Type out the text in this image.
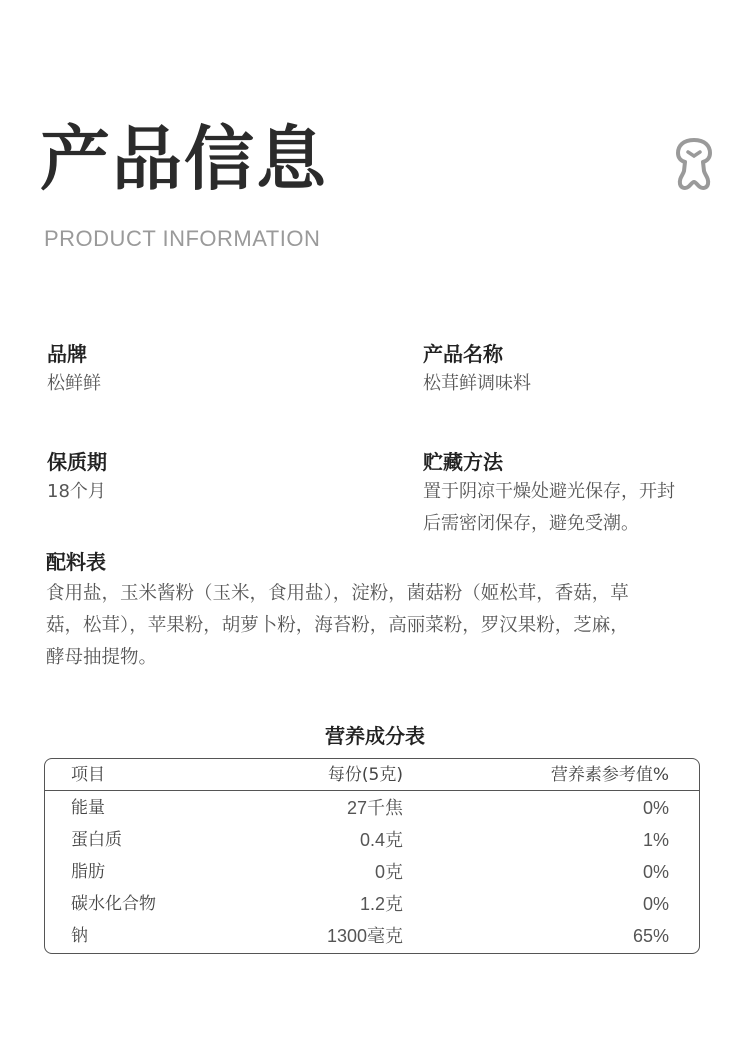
产品信息
PRODUCT INFORMATION
品牌
松鲜鲜
产品名称
松茸鲜调味料
保质期
18个月
贮藏方法
置于阴凉干燥处避光保存，开封
后需密闭保存，避免受潮。
配料表
食用盐，玉米酱粉（玉米，食用盐），淀粉，菌菇粉（姬松茸，香菇，草
菇，松茸），苹果粉，胡萝卜粉，海苔粉，高丽菜粉，罗汉果粉，芝麻，
酵母抽提物。
营养成分表
项目	每份(5克)	营养素参考值%
能量	27千焦	0%
蛋白质	0.4克	1%
脂肪	0克	0%
碳水化合物	1.2克	0%
钠	1300毫克	65%
